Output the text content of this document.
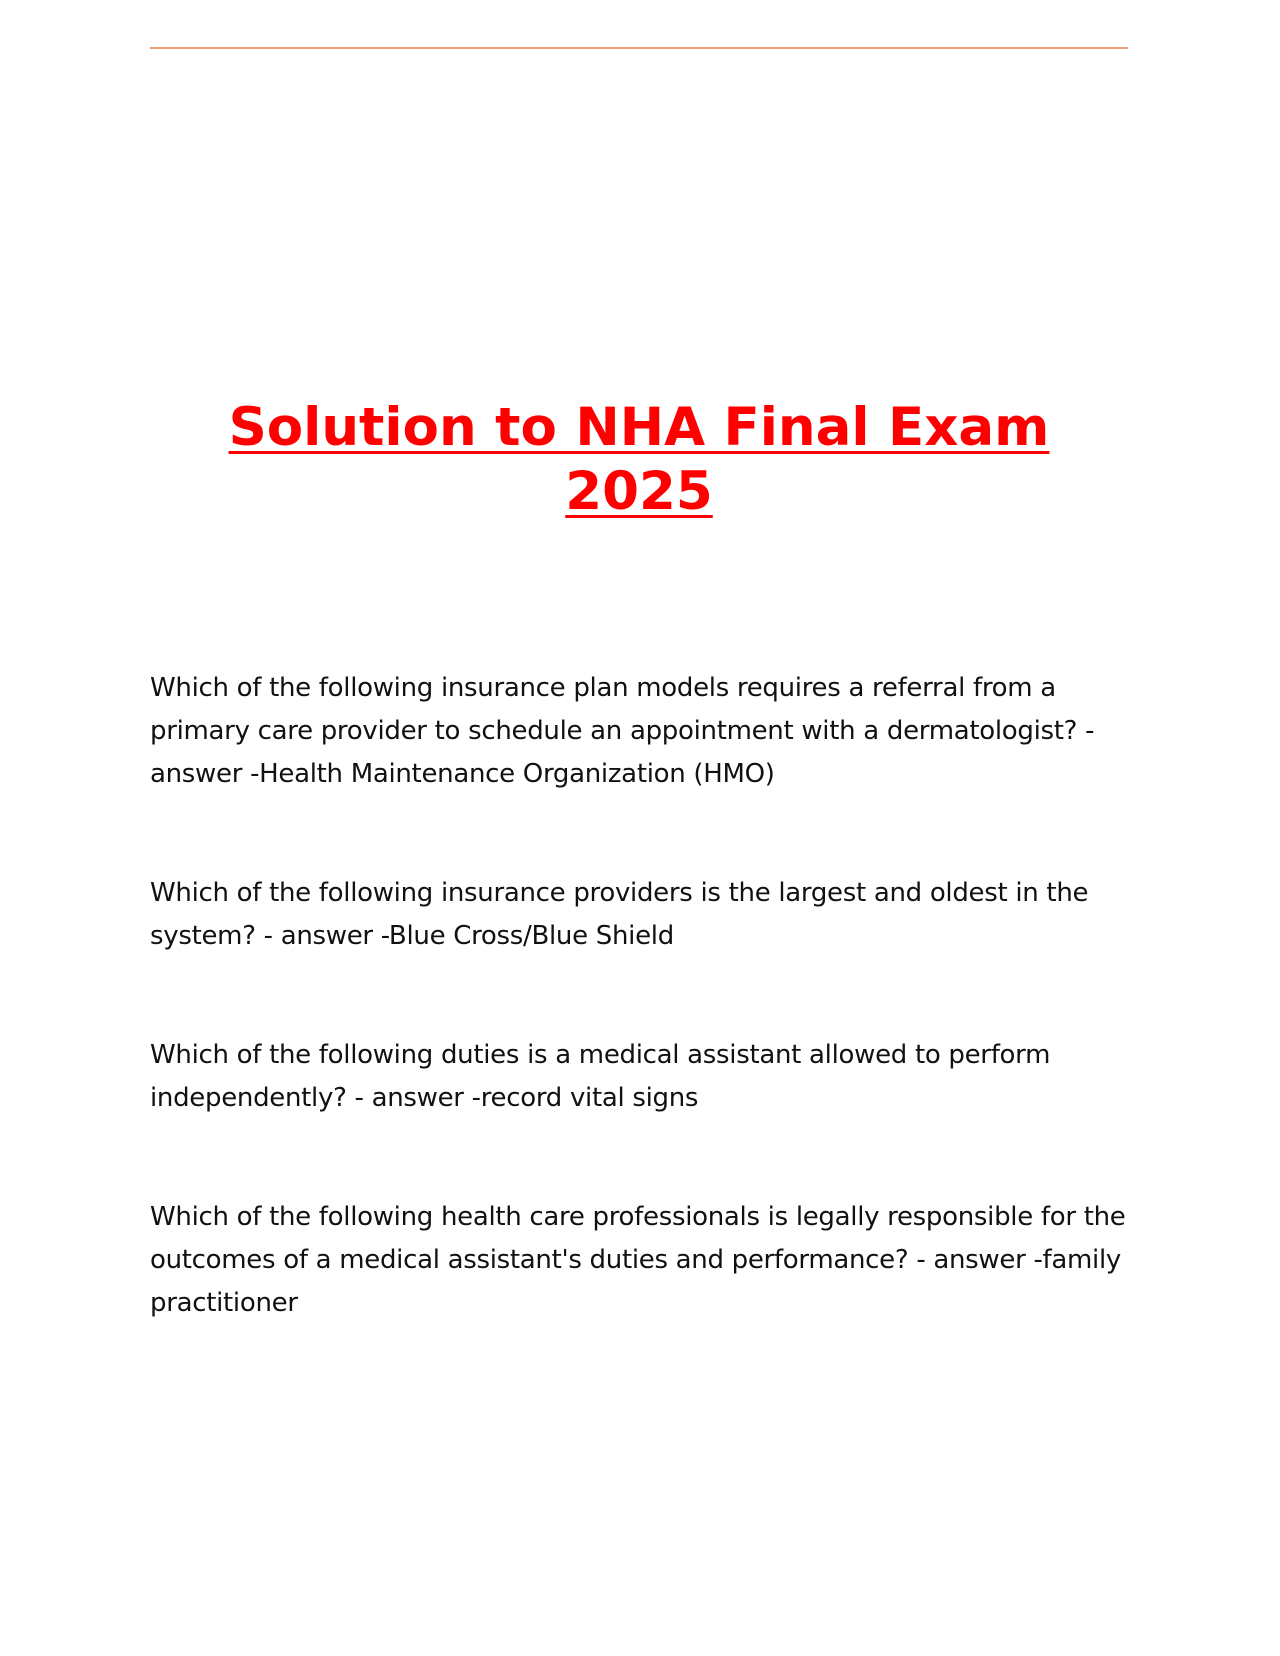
Solution to NHA Final Exam 2025

Which of the following insurance plan models requires a referral from a primary care provider to schedule an appointment with a dermatologist? - answer -Health Maintenance Organization (HMO)

Which of the following insurance providers is the largest and oldest in the system? - answer -Blue Cross/Blue Shield

Which of the following duties is a medical assistant allowed to perform independently? - answer -record vital signs

Which of the following health care professionals is legally responsible for the outcomes of a medical assistant's duties and performance? - answer -family practitioner
